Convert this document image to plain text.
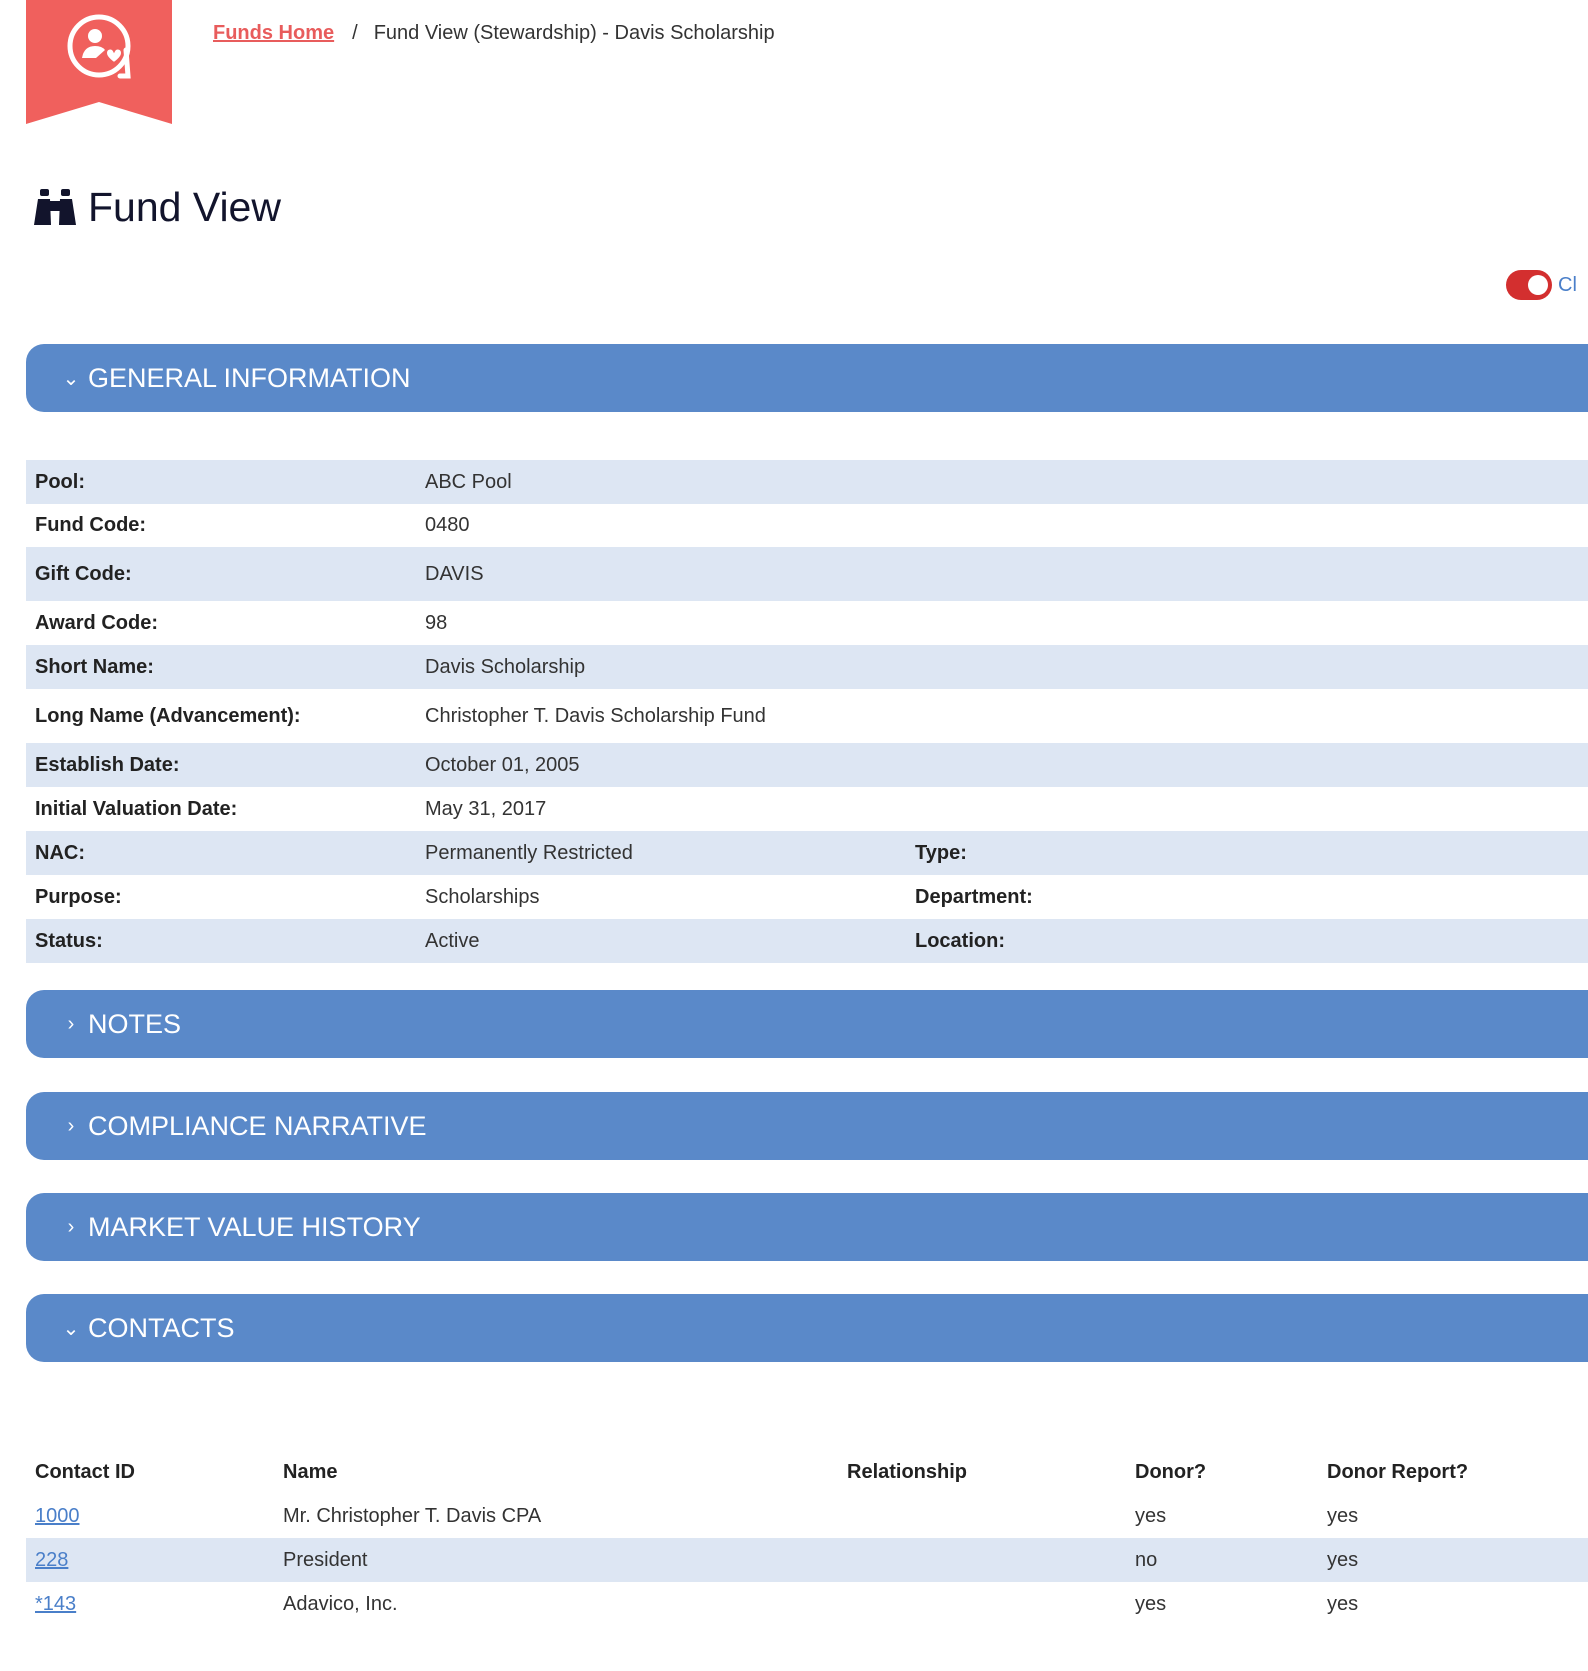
Funds Home / Fund View (Stewardship) - Davis Scholarship
Fund View
Cl
⌄ GENERAL INFORMATION
Pool:	ABC Pool	
Fund Code:	0480	
Gift Code:	DAVIS	
Award Code:	98	
Short Name:	Davis Scholarship	
Long Name (Advancement):	Christopher T. Davis Scholarship Fund	
Establish Date:	October 01, 2005	
Initial Valuation Date:	May 31, 2017	
NAC:	Permanently Restricted	Type:
Purpose:	Scholarships	Department:
Status:	Active	Location:
› NOTES
› COMPLIANCE NARRATIVE
› MARKET VALUE HISTORY
⌄ CONTACTS
Contact ID	Name	Relationship	Donor?	Donor Report?
1000	Mr. Christopher T. Davis CPA		yes	yes
228	President		no	yes
*143	Adavico, Inc.		yes	yes
